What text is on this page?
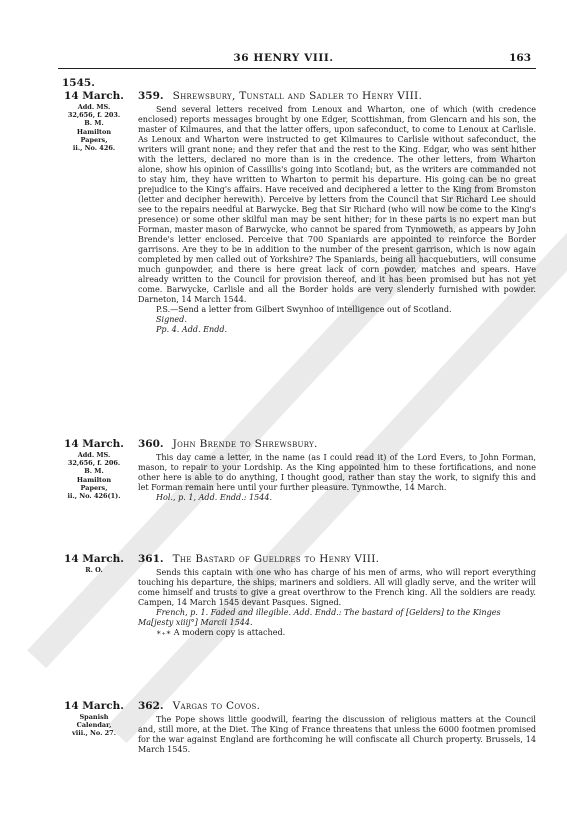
36 HENRY VIII.	163
1545.
14 March.
Add. MS.
32,656, f. 203.
B. M.
Hamilton
Papers,
ii., No. 426.
359. Shrewsbury, Tunstall and Sadler to Henry VIII.

Send several letters received from Lenoux and Wharton, one of which (with credence enclosed) reports messages brought by one Edger, Scottishman, from Glencarn and his son, the master of Kilmaures, and that the latter offers, upon safeconduct, to come to Lenoux at Carlisle. As Lenoux and Wharton were instructed to get Kilmaures to Carlisle without safeconduct, the writers will grant none; and they refer that and the rest to the King. Edgar, who was sent hither with the letters, declared no more than is in the credence. The other letters, from Wharton alone, show his opinion of Cassillis's going into Scotland; but, as the writers are commanded not to stay him, they have written to Wharton to permit his departure. His going can be no great prejudice to the King's affairs. Have received and deciphered a letter to the King from Bromston (letter and decipher herewith). Perceive by letters from the Council that Sir Richard Lee should see to the repairs needful at Barwycke. Beg that Sir Richard (who will now be come to the King's presence) or some other skilful man may be sent hither; for in these parts is no expert man but Forman, master mason of Barwycke, who cannot be spared from Tynmoweth, as appears by John Brende's letter enclosed. Perceive that 700 Spaniards are appointed to reinforce the Border garrisons. Are they to be in addition to the number of the present garrison, which is now again completed by men called out of Yorkshire? The Spaniards, being all hacquebutiers, will consume much gunpowder, and there is here great lack of corn powder, matches and spears. Have already written to the Council for provision thereof, and it has been promised but has not yet come. Barwycke, Carlisle and all the Border holds are very slenderly furnished with powder. Darneton, 14 March 1544.

P.S.—Send a letter from Gilbert Swynhoo of intelligence out of Scotland.

Signed.

Pp. 4. Add. Endd.

14 March.
Add. MS.
32,656, f. 206.
B. M.
Hamilton
Papers,
ii., No. 426(1).
360. John Brende to Shrewsbury.

This day came a letter, in the name (as I could read it) of the Lord Evers, to John Forman, mason, to repair to your Lordship. As the King appointed him to these fortifications, and none other here is able to do anything, I thought good, rather than stay the work, to signify this and let Forman remain here until your further pleasure. Tynmowthe, 14 March.

Hol., p. 1, Add. Endd.: 1544.

14 March.
R. O.
361. The Bastard of Gueldres to Henry VIII.

Sends this captain with one who has charge of his men of arms, who will report everything touching his departure, the ships, mariners and soldiers. All will gladly serve, and the writer will come himself and trusts to give a great overthrow to the French king. All the soldiers are ready. Campen, 14 March 1545 devant Pasques. Signed.

French, p. 1. Faded and illegible. Add. Endd.: The bastard of [Gelders] to the Kinges Ma[jesty xiiij°] Marcii 1544.

∗₊∗ A modern copy is attached.

14 March.
Spanish
Calendar,
viii., No. 27.
362. Vargas to Covos.

The Pope shows little goodwill, fearing the discussion of religious matters at the Council and, still more, at the Diet. The King of France threatens that unless the 6000 footmen promised for the war against England are forthcoming he will confiscate all Church property. Brussels, 14 March 1545.
